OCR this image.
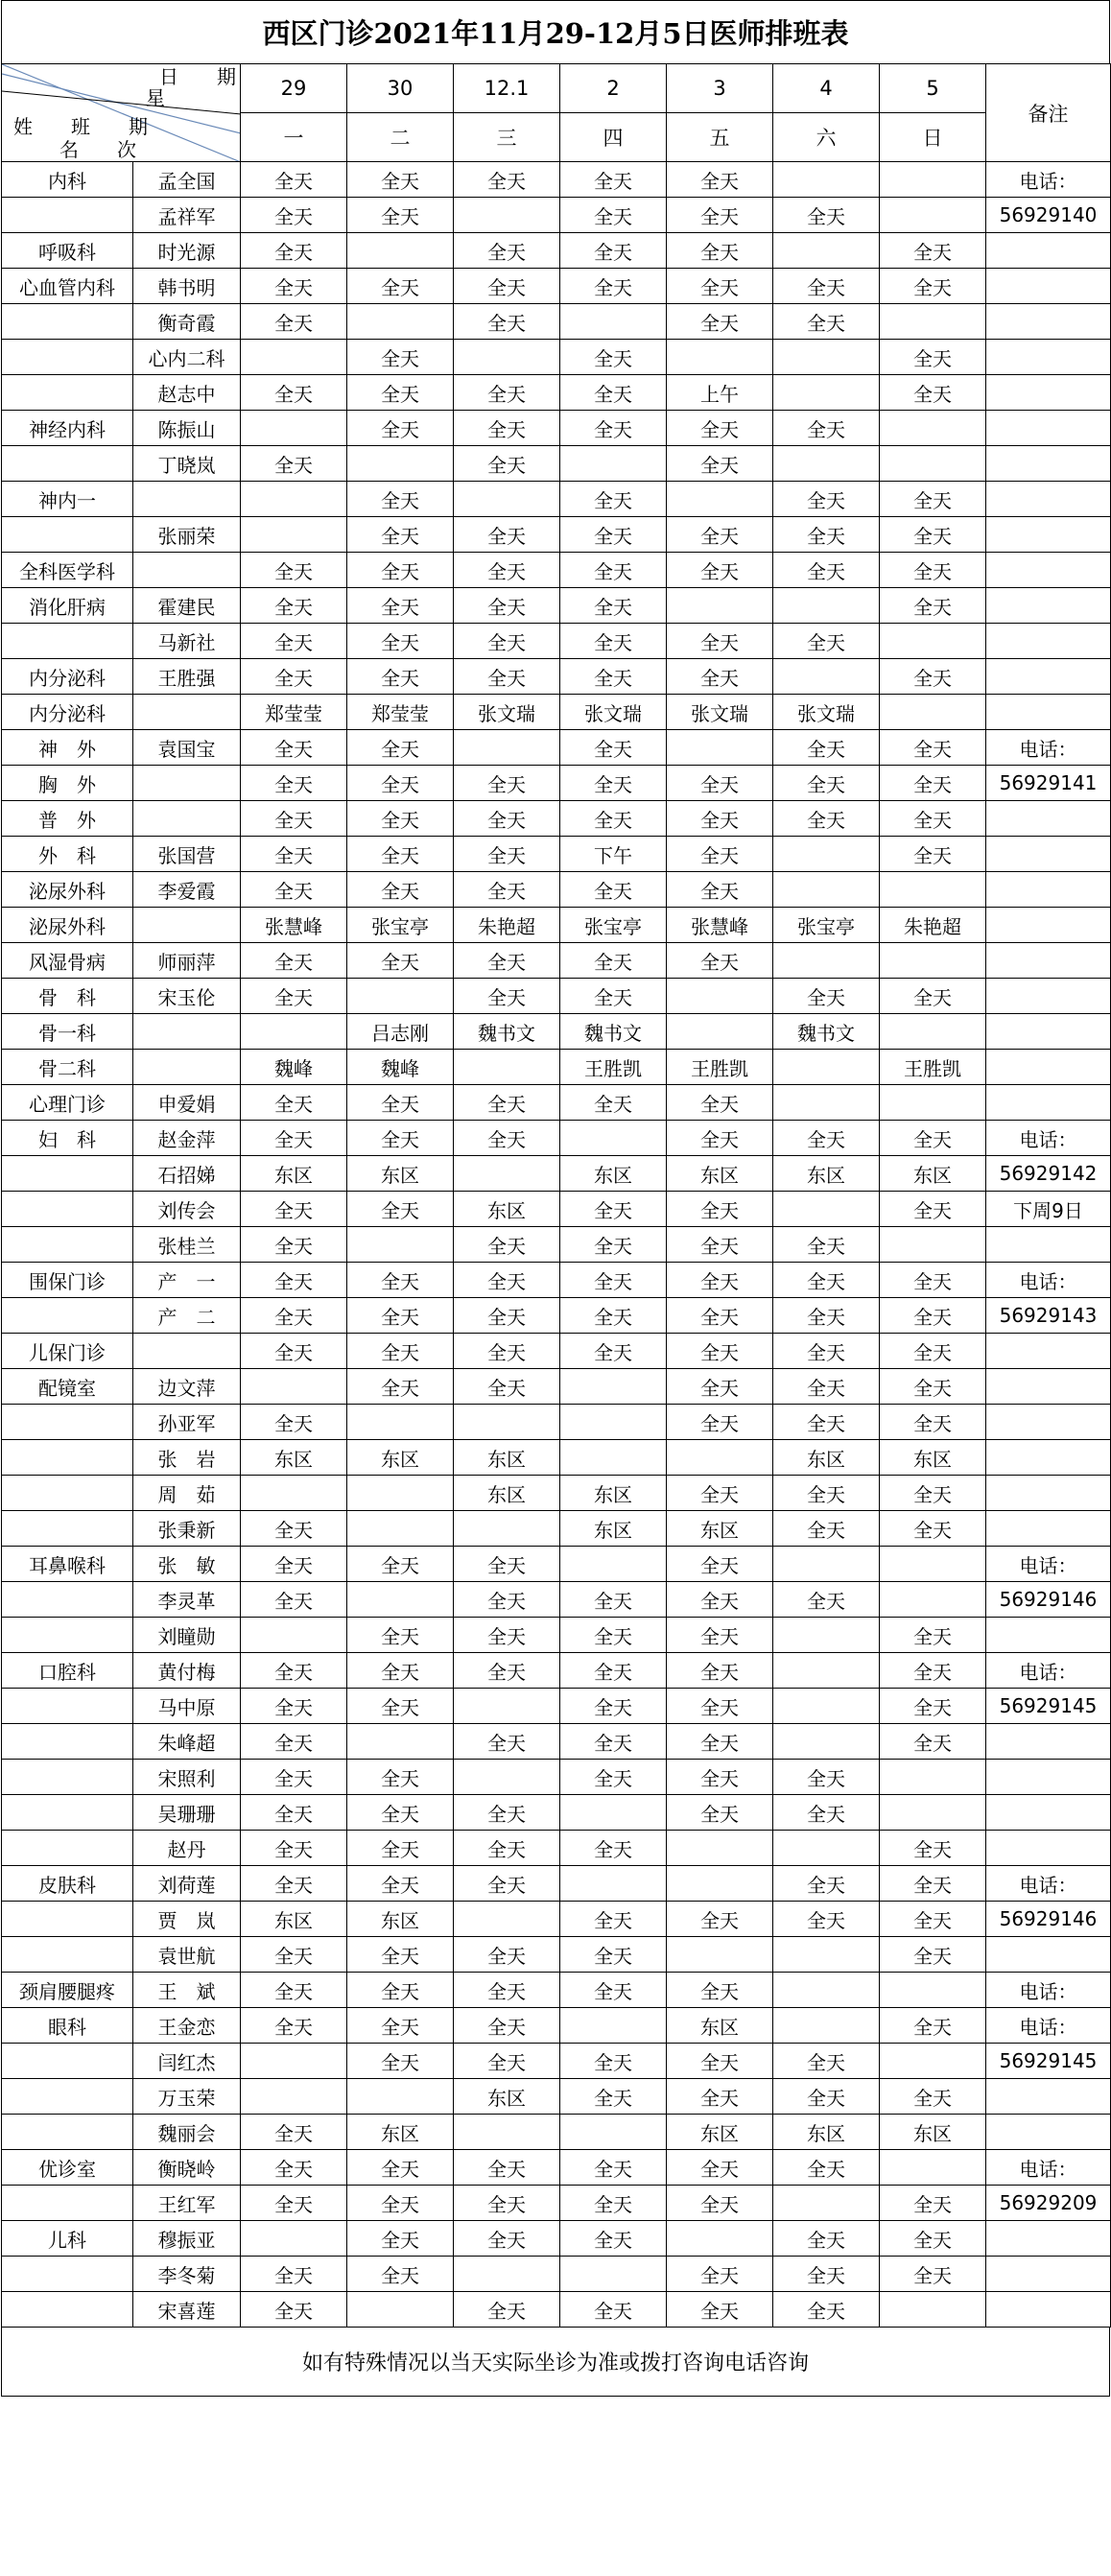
西区门诊2021年11月29-12月5日医师排班表
日　　期
星
姓　　班　　期
名　　次		29	30	12.1	2	3	4	5	备注
		一	二	三	四	五	六	日	
内科	孟全国	全天	全天	全天	全天	全天			电话：
	孟祥军	全天	全天		全天	全天	全天		56929140
呼吸科	时光源	全天		全天	全天	全天		全天	
心血管内科	韩书明	全天	全天	全天	全天	全天	全天	全天	
	衡奇霞	全天		全天		全天	全天		
	心内二科		全天		全天			全天	
	赵志中	全天	全天	全天	全天	上午		全天	
神经内科	陈振山		全天	全天	全天	全天	全天		
	丁晓岚	全天		全天		全天			
神内一			全天		全天		全天	全天	
	张丽荣		全天	全天	全天	全天	全天	全天	
全科医学科		全天	全天	全天	全天	全天	全天	全天	
消化肝病	霍建民	全天	全天	全天	全天			全天	
	马新社	全天	全天	全天	全天	全天	全天		
内分泌科	王胜强	全天	全天	全天	全天	全天		全天	
内分泌科		郑莹莹	郑莹莹	张文瑞	张文瑞	张文瑞	张文瑞		
神　外	袁国宝	全天	全天		全天		全天	全天	电话：
胸　外		全天	全天	全天	全天	全天	全天	全天	56929141
普　外		全天	全天	全天	全天	全天	全天	全天	
外　科	张国营	全天	全天	全天	下午	全天		全天	
泌尿外科	李爱霞	全天	全天	全天	全天	全天			
泌尿外科		张慧峰	张宝亭	朱艳超	张宝亭	张慧峰	张宝亭	朱艳超	
风湿骨病	师丽萍	全天	全天	全天	全天	全天			
骨　科	宋玉伦	全天		全天	全天		全天	全天	
骨一科			吕志刚	魏书文	魏书文		魏书文		
骨二科		魏峰	魏峰		王胜凯	王胜凯		王胜凯	
心理门诊	申爱娟	全天	全天	全天	全天	全天			
妇　科	赵金萍	全天	全天	全天		全天	全天	全天	电话：
	石招娣	东区	东区		东区	东区	东区	东区	56929142
	刘传会	全天	全天	东区	全天	全天		全天	下周9日
	张桂兰	全天		全天	全天	全天	全天		
围保门诊	产　一	全天	全天	全天	全天	全天	全天	全天	电话：
	产　二	全天	全天	全天	全天	全天	全天	全天	56929143
儿保门诊		全天	全天	全天	全天	全天	全天	全天	
配镜室	边文萍		全天	全天		全天	全天	全天	
	孙亚军	全天				全天	全天	全天	
	张　岩	东区	东区	东区			东区	东区	
	周　茹			东区	东区	全天	全天	全天	
	张秉新	全天			东区	东区	全天	全天	
耳鼻喉科	张　敏	全天	全天	全天		全天			电话：
	李灵革	全天		全天	全天	全天	全天		56929146
	刘瞳勋		全天	全天	全天	全天		全天	
口腔科	黄付梅	全天	全天	全天	全天	全天		全天	电话：
	马中原	全天	全天		全天	全天		全天	56929145
	朱峰超	全天		全天	全天	全天		全天	
	宋照利	全天	全天		全天	全天	全天		
	吴珊珊	全天	全天	全天		全天	全天		
	赵丹	全天	全天	全天	全天			全天	
皮肤科	刘荷莲	全天	全天	全天			全天	全天	电话：
	贾　岚	东区	东区		全天	全天	全天	全天	56929146
	袁世航	全天	全天	全天	全天			全天	
颈肩腰腿疼	王　斌	全天	全天	全天	全天	全天			电话：
眼科	王金恋	全天	全天	全天		东区		全天	电话：
	闫红杰		全天	全天	全天	全天	全天		56929145
	万玉荣			东区	全天	全天	全天	全天	
	魏丽会	全天	东区			东区	东区	东区	
优诊室	衡晓岭	全天	全天	全天	全天	全天	全天		电话：
	王红军	全天	全天	全天	全天	全天		全天	56929209
儿科	穆振亚		全天	全天	全天		全天	全天	
	李冬菊	全天	全天			全天	全天	全天	
	宋喜莲	全天		全天	全天	全天	全天		
如有特殊情况以当天实际坐诊为准或拨打咨询电话咨询
